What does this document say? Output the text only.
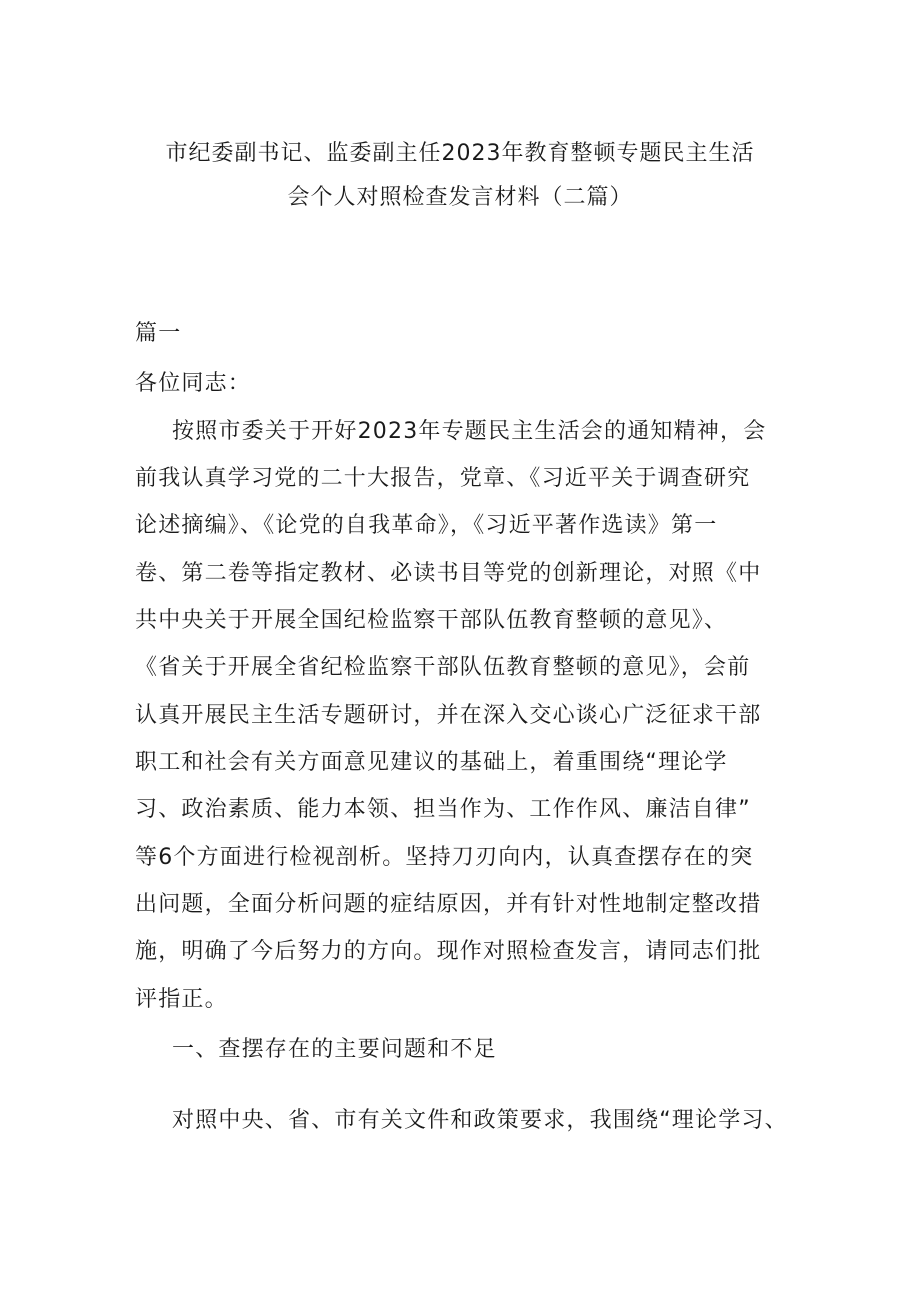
市纪委副书记、监委副主任2023年教育整顿专题民主生活
会个人对照检查发言材料（二篇）
篇一
各位同志：
按照市委关于开好2023年专题民主生活会的通知精神，会
前我认真学习党的二十大报告，党章、《习近平关于调查研究
论述摘编》、《论党的自我革命》，《习近平著作选读》第一
卷、第二卷等指定教材、必读书目等党的创新理论，对照《中
共中央关于开展全国纪检监察干部队伍教育整顿的意见》、
《省关于开展全省纪检监察干部队伍教育整顿的意见》，会前
认真开展民主生活专题研讨，并在深入交心谈心广泛征求干部
职工和社会有关方面意见建议的基础上，着重围绕“理论学
习、政治素质、能力本领、担当作为、工作作风、廉洁自律”
等6个方面进行检视剖析。坚持刀刃向内，认真查摆存在的突
出问题，全面分析问题的症结原因，并有针对性地制定整改措
施，明确了今后努力的方向。现作对照检查发言，请同志们批
评指正。
一、查摆存在的主要问题和不足
对照中央、省、市有关文件和政策要求，我围绕“理论学习、
